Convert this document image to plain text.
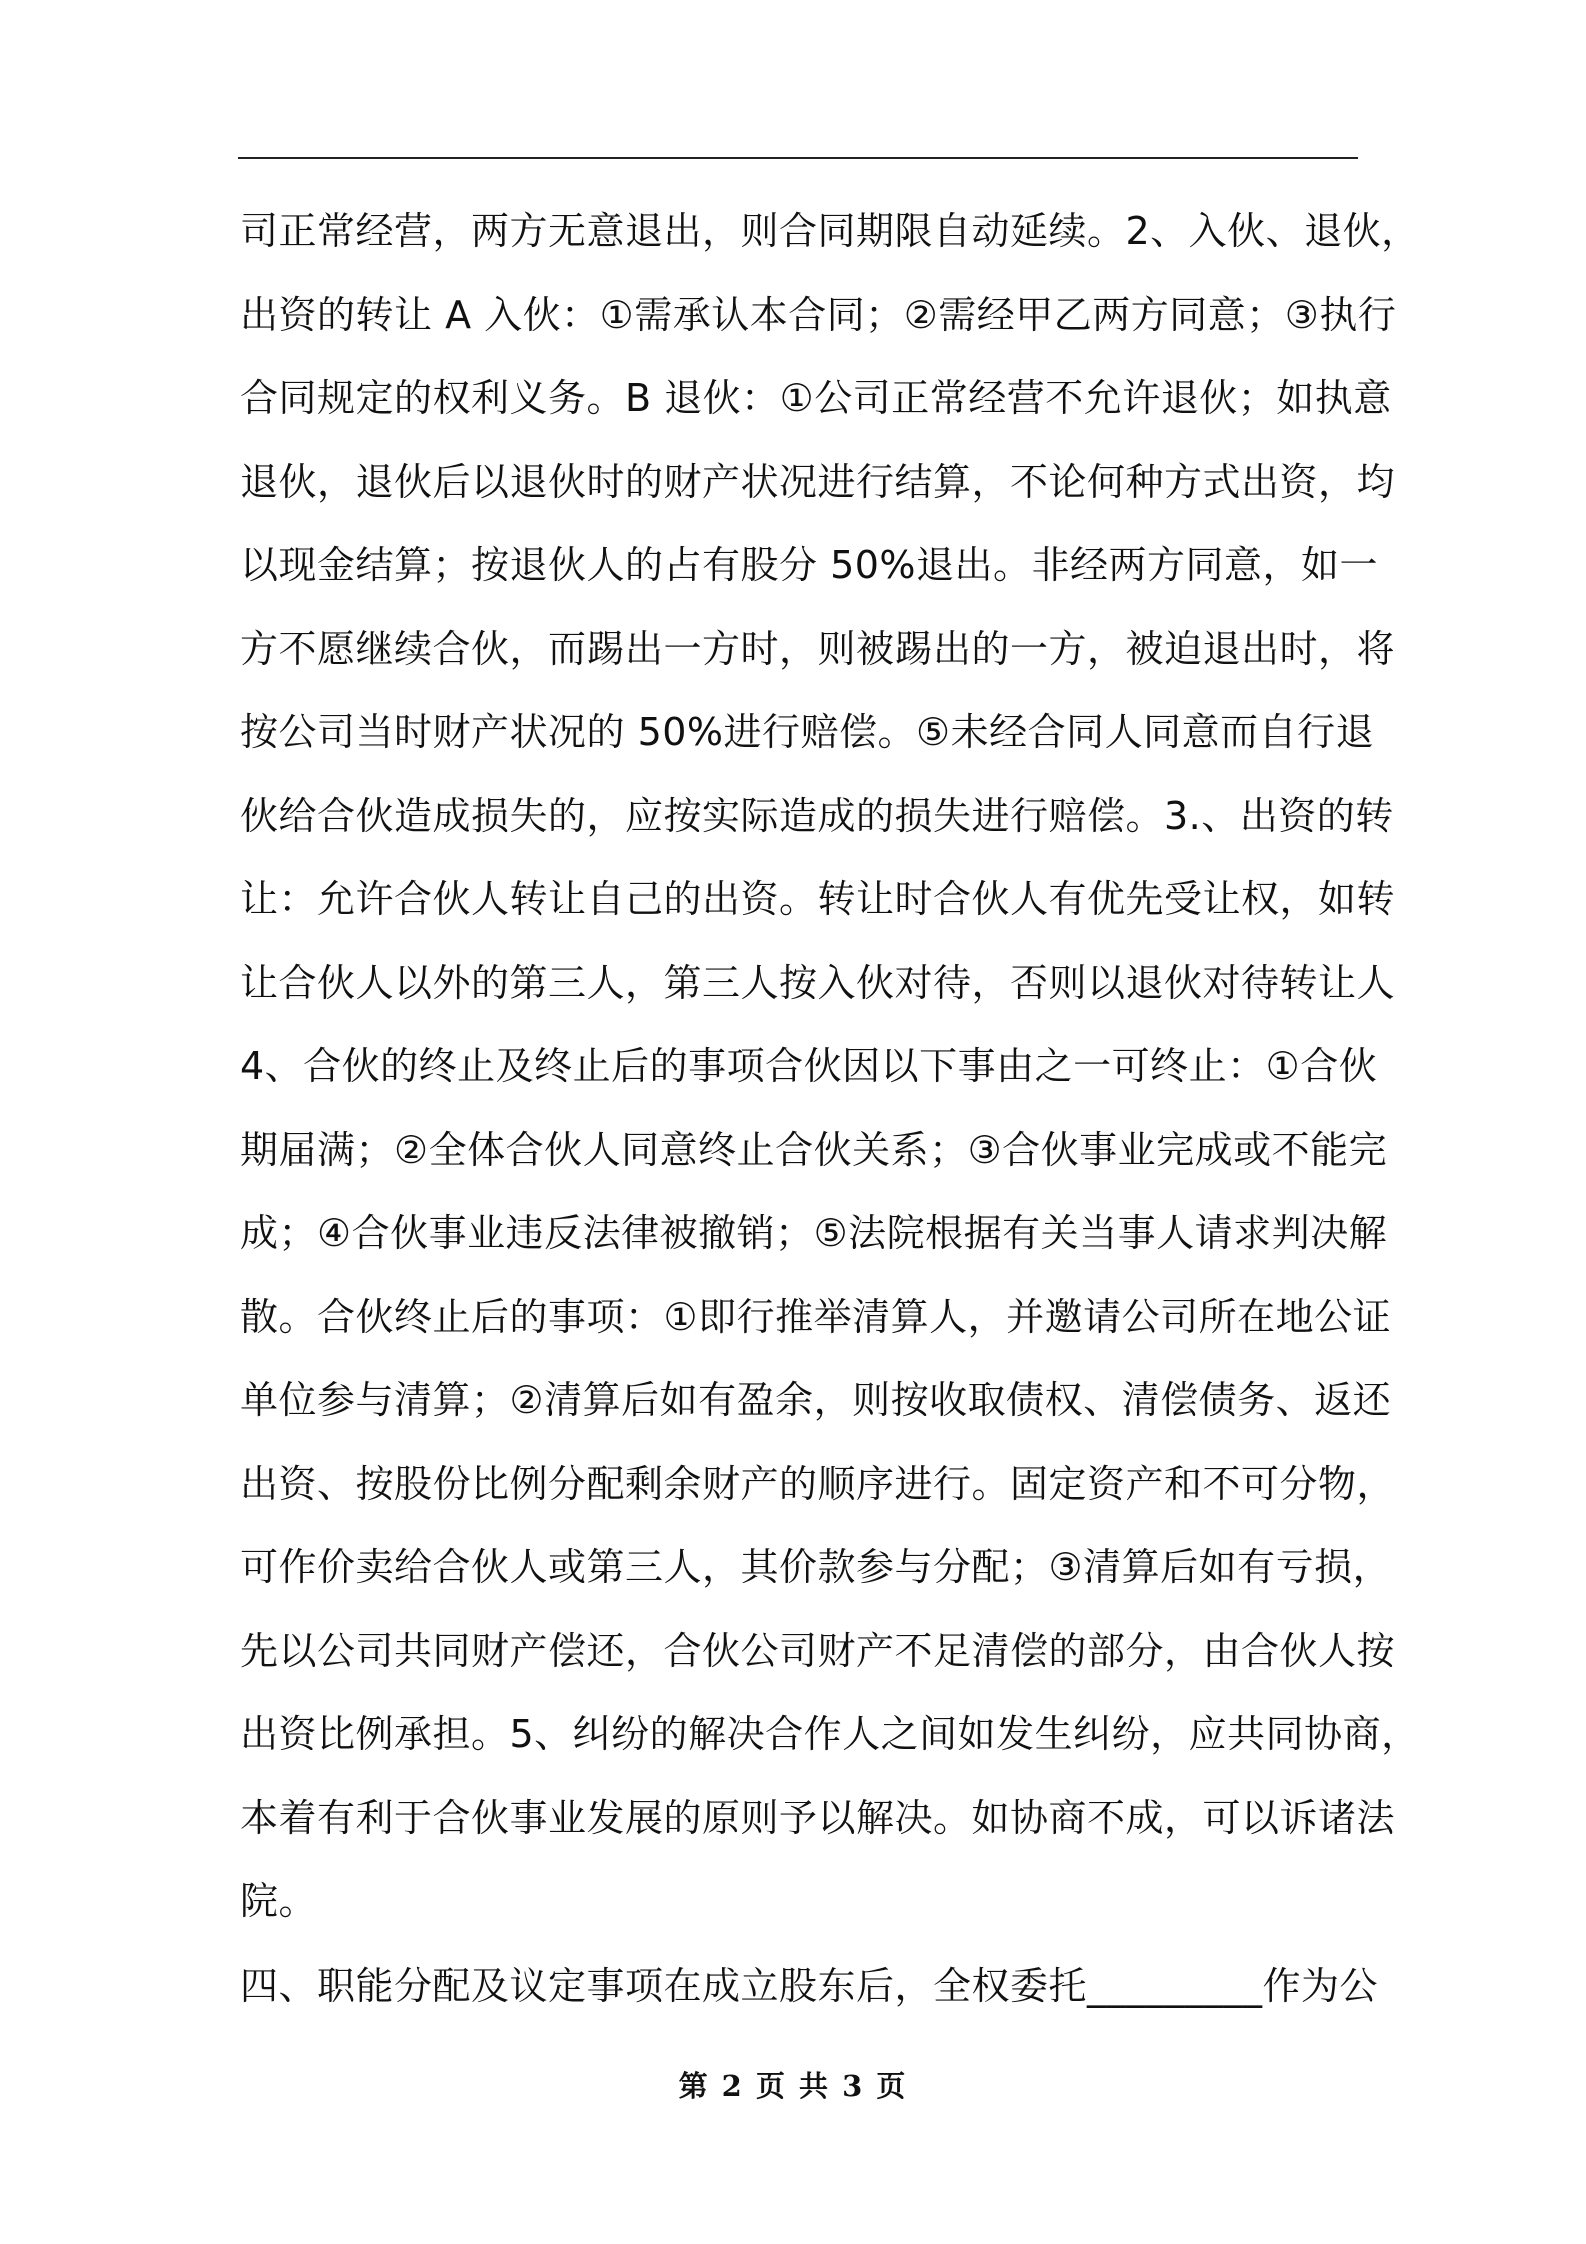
司正常经营，两方无意退出，则合同期限自动延续。2、入伙、退伙，
出资的转让 A 入伙：①需承认本合同；②需经甲乙两方同意；③执行
合同规定的权利义务。B 退伙：①公司正常经营不允许退伙；如执意
退伙，退伙后以退伙时的财产状况进行结算，不论何种方式出资，均
以现金结算；按退伙人的占有股分 50%退出。非经两方同意，如一
方不愿继续合伙，而踢出一方时，则被踢出的一方，被迫退出时，将
按公司当时财产状况的 50%进行赔偿。⑤未经合同人同意而自行退
伙给合伙造成损失的，应按实际造成的损失进行赔偿。3.、出资的转
让：允许合伙人转让自己的出资。转让时合伙人有优先受让权，如转
让合伙人以外的第三人，第三人按入伙对待，否则以退伙对待转让人
4、合伙的终止及终止后的事项合伙因以下事由之一可终止：①合伙
期届满；②全体合伙人同意终止合伙关系；③合伙事业完成或不能完
成；④合伙事业违反法律被撤销；⑤法院根据有关当事人请求判决解
散。合伙终止后的事项：①即行推举清算人，并邀请公司所在地公证
单位参与清算；②清算后如有盈余，则按收取债权、清偿债务、返还
出资、按股份比例分配剩余财产的顺序进行。固定资产和不可分物，
可作价卖给合伙人或第三人，其价款参与分配；③清算后如有亏损，
先以公司共同财产偿还，合伙公司财产不足清偿的部分，由合伙人按
出资比例承担。5、纠纷的解决合作人之间如发生纠纷，应共同协商，
本着有利于合伙事业发展的原则予以解决。如协商不成，可以诉诸法
院。
四、职能分配及议定事项在成立股东后，全权委托_________作为公
第 2 页 共 3 页
